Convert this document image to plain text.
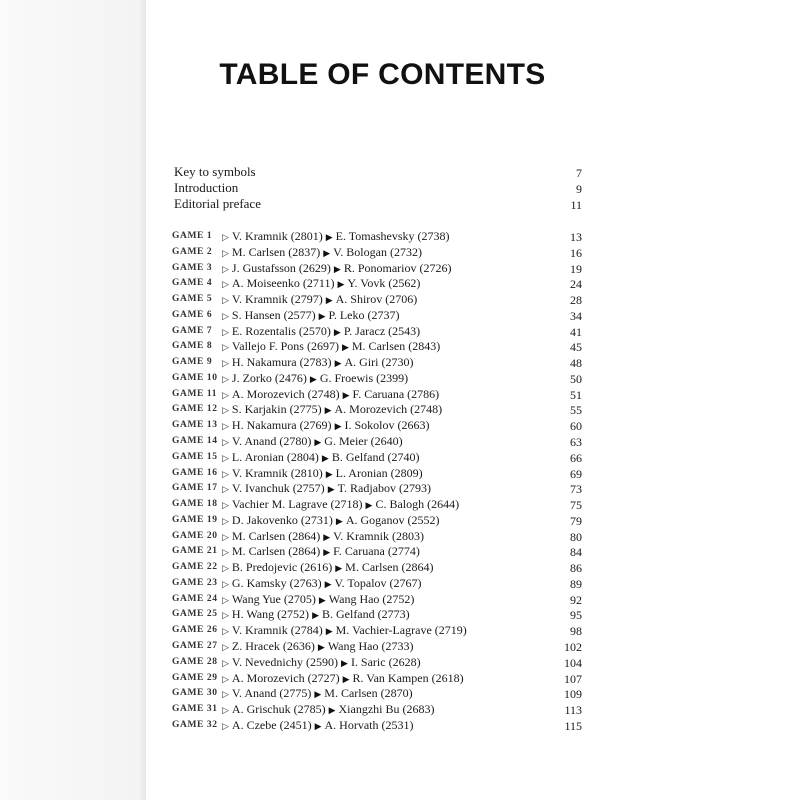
TABLE OF CONTENTS
Key to symbols	7
Introduction	9
Editorial preface	11
GAME 1 ▷ V. Kramnik (2801) ▶ E. Tomashevsky (2738)	13
GAME 2 ▷ M. Carlsen (2837) ▶ V. Bologan (2732)	16
GAME 3 ▷ J. Gustafsson (2629) ▶ R. Ponomariov (2726)	19
GAME 4 ▷ A. Moiseenko (2711) ▶ Y. Vovk (2562)	24
GAME 5 ▷ V. Kramnik (2797) ▶ A. Shirov (2706)	28
GAME 6 ▷ S. Hansen (2577) ▶ P. Leko (2737)	34
GAME 7 ▷ E. Rozentalis (2570) ▶ P. Jaracz (2543)	41
GAME 8 ▷ Vallejo F. Pons (2697) ▶ M. Carlsen (2843)	45
GAME 9 ▷ H. Nakamura (2783) ▶ A. Giri (2730)	48
GAME 10 ▷ J. Zorko (2476) ▶ G. Froewis (2399)	50
GAME 11 ▷ A. Morozevich (2748) ▶ F. Caruana (2786)	51
GAME 12 ▷ S. Karjakin (2775) ▶ A. Morozevich (2748)	55
GAME 13 ▷ H. Nakamura (2769) ▶ I. Sokolov (2663)	60
GAME 14 ▷ V. Anand (2780) ▶ G. Meier (2640)	63
GAME 15 ▷ L. Aronian (2804) ▶ B. Gelfand (2740)	66
GAME 16 ▷ V. Kramnik (2810) ▶ L. Aronian (2809)	69
GAME 17 ▷ V. Ivanchuk (2757) ▶ T. Radjabov (2793)	73
GAME 18 ▷ Vachier M. Lagrave (2718) ▶ C. Balogh (2644)	75
GAME 19 ▷ D. Jakovenko (2731) ▶ A. Goganov (2552)	79
GAME 20 ▷ M. Carlsen (2864) ▶ V. Kramnik (2803)	80
GAME 21 ▷ M. Carlsen (2864) ▶ F. Caruana (2774)	84
GAME 22 ▷ B. Predojevic (2616) ▶ M. Carlsen (2864)	86
GAME 23 ▷ G. Kamsky (2763) ▶ V. Topalov (2767)	89
GAME 24 ▷ Wang Yue (2705) ▶ Wang Hao (2752)	92
GAME 25 ▷ H. Wang (2752) ▶ B. Gelfand (2773)	95
GAME 26 ▷ V. Kramnik (2784) ▶ M. Vachier-Lagrave (2719)	98
GAME 27 ▷ Z. Hracek (2636) ▶ Wang Hao (2733)	102
GAME 28 ▷ V. Nevednichy (2590) ▶ I. Saric (2628)	104
GAME 29 ▷ A. Morozevich (2727) ▶ R. Van Kampen (2618)	107
GAME 30 ▷ V. Anand (2775) ▶ M. Carlsen (2870)	109
GAME 31 ▷ A. Grischuk (2785) ▶ Xiangzhi Bu (2683)	113
GAME 32 ▷ A. Czebe (2451) ▶ A. Horvath (2531)	115
